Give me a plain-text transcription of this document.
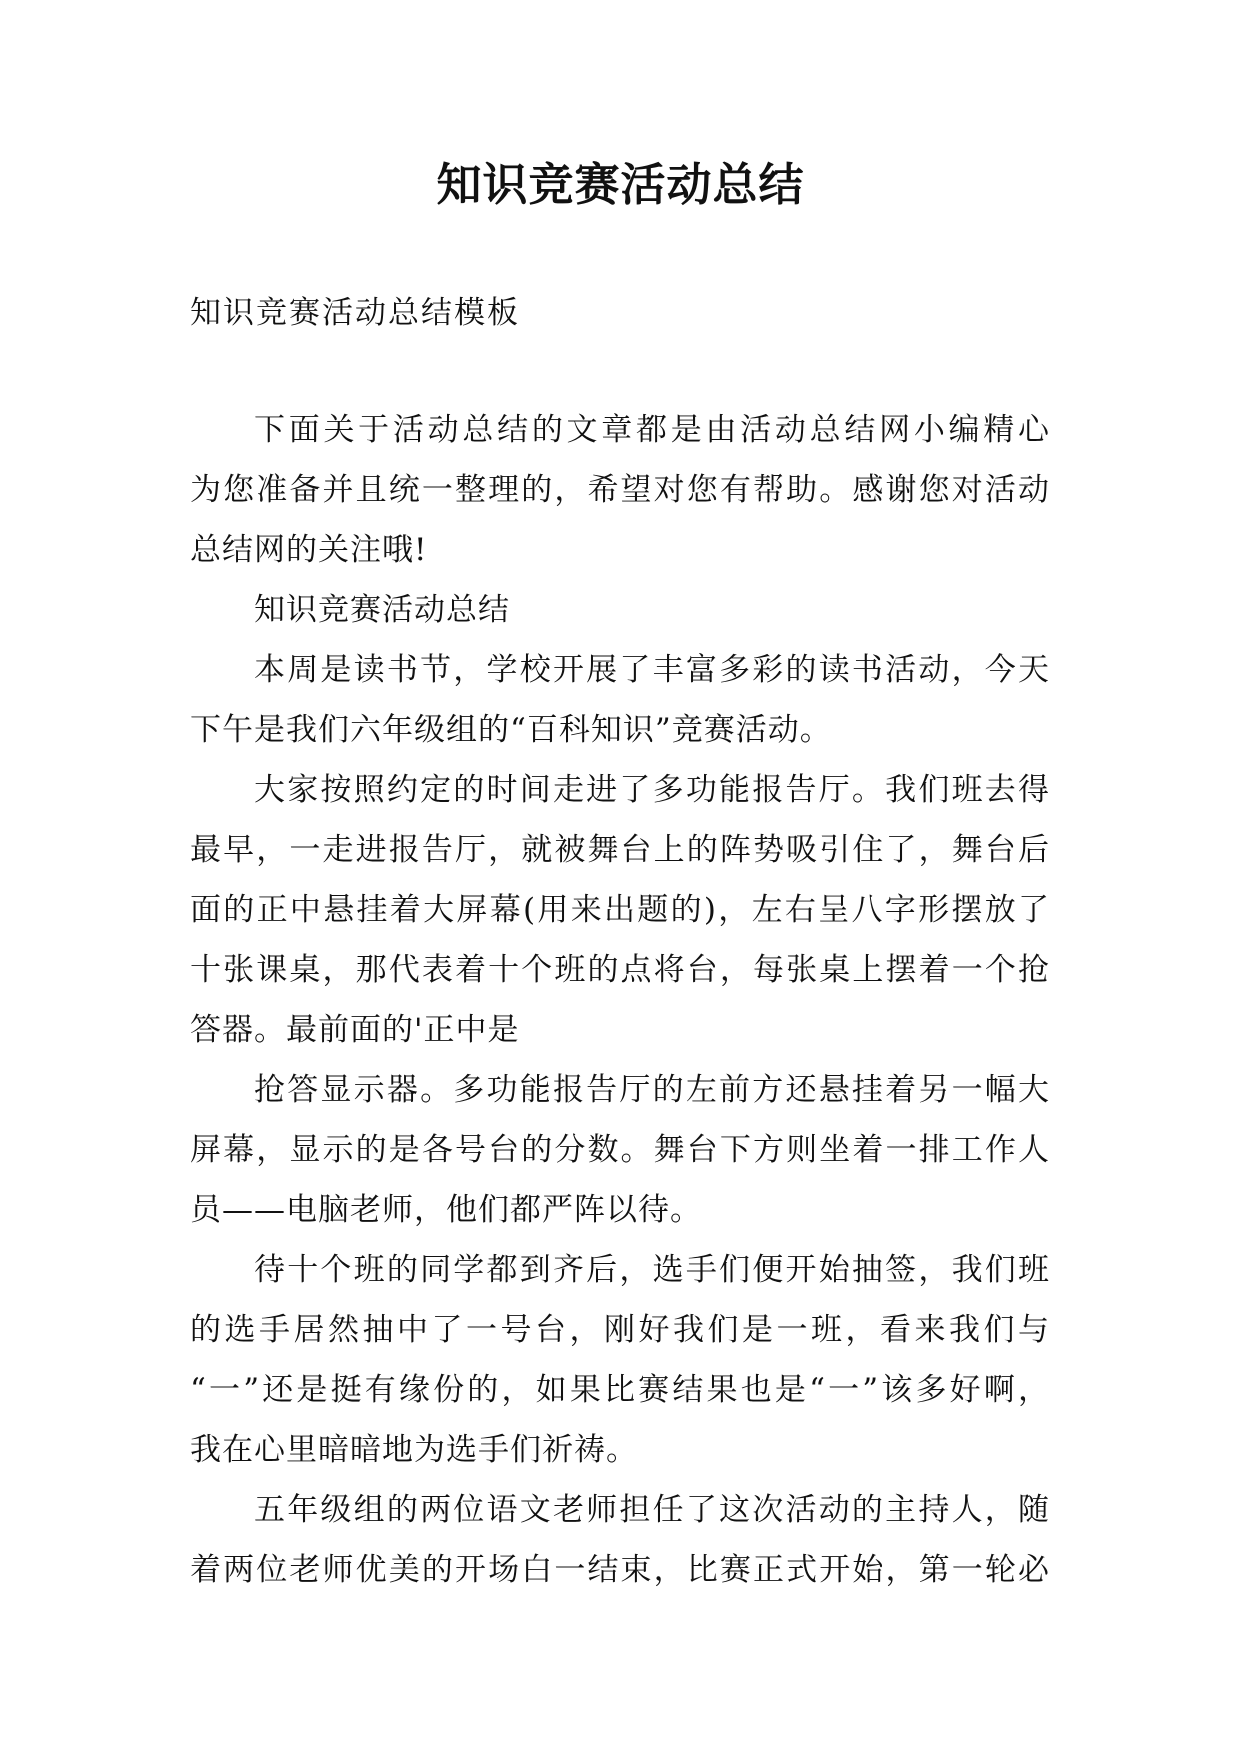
知识竞赛活动总结
知识竞赛活动总结模板
下面关于活动总结的文章都是由活动总结网小编精心
为您准备并且统一整理的，希望对您有帮助。感谢您对活动
总结网的关注哦!
知识竞赛活动总结
本周是读书节，学校开展了丰富多彩的读书活动，今天
下午是我们六年级组的“百科知识”竞赛活动。
大家按照约定的时间走进了多功能报告厅。我们班去得
最早，一走进报告厅，就被舞台上的阵势吸引住了，舞台后
面的正中悬挂着大屏幕(用来出题的)，左右呈八字形摆放了
十张课桌，那代表着十个班的点将台，每张桌上摆着一个抢
答器。最前面的'正中是
抢答显示器。多功能报告厅的左前方还悬挂着另一幅大
屏幕，显示的是各号台的分数。舞台下方则坐着一排工作人
员——电脑老师，他们都严阵以待。
待十个班的同学都到齐后，选手们便开始抽签，我们班
的选手居然抽中了一号台，刚好我们是一班，看来我们与
“一”还是挺有缘份的，如果比赛结果也是“一”该多好啊，
我在心里暗暗地为选手们祈祷。
五年级组的两位语文老师担任了这次活动的主持人，随
着两位老师优美的开场白一结束，比赛正式开始，第一轮必
